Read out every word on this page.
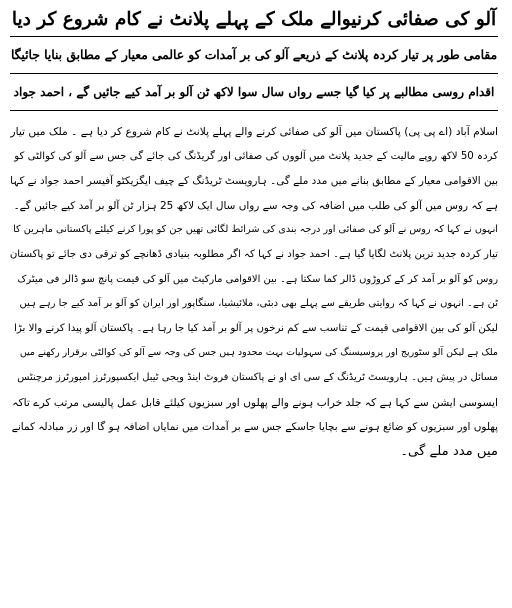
آلو کی صفائی کرنیوالے ملک کے پہلے پلانٹ نے کام شروع کر دیا
مقامی طور پر تیار کردہ پلانٹ کے ذریعے آلو کی بر آمدات کو عالمی معیار کے مطابق بنایا جائیگا
اقدام روسی مطالبے پر کیا گیا جسے رواں سال سوا لاکھ ٹن آلو بر آمد کیے جائیں گے ، احمد جواد
اسلام آباد (اے پی پی) پاکستان میں آلو کی صفائی کرنے والے پہلے پلانٹ نے کام شروع کر دیا ہے ۔ ملک میں تیار
کردہ 50 لاکھ روپے مالیت کے جدید پلانٹ میں آلووں کی صفائی اور گریڈنگ کی جائے گی جس سے آلو کی کوالٹی کو
بین الاقوامی معیار کے مطابق بنانے میں مدد ملے گی۔ ہارویسٹ ٹریڈنگ کے چیف ایگزیکٹو آفیسر احمد جواد نے کہا
ہے کہ روس میں آلو کی طلب میں اضافہ کی وجہ سے رواں سال ایک لاکھ 25 ہزار ٹن آلو بر آمد کیے جائیں گے۔
انہوں نے کہا کہ روس نے آلو کی صفائی اور درجہ بندی کی شرائط لگائی تھیں جن کو پورا کرنے کیلئے پاکستانی ماہرین کا
تیار کردہ جدید ترین پلانٹ لگایا گیا ہے۔ احمد جواد نے کہا کہ اگر مطلوبہ بنیادی ڈھانچے کو ترقی دی جائے تو پاکستان
روس کو آلو بر آمد کر کے کروڑوں ڈالر کما سکتا ہے۔ بین الاقوامی مارکیٹ میں آلو کی قیمت پانچ سو ڈالر فی میٹرک
ٹن ہے۔ انہوں نے کہا کہ روایتی طریقے سے پہلے بھی دبئی، ملائیشیا، سنگاپور اور ایران کو آلو بر آمد کیے جا رہے ہیں
لیکن آلو کی بین الاقوامی قیمت کے تناسب سے کم نرخوں پر آلو بر آمد کیا جا رہا ہے۔ پاکستان آلو پیدا کرنے والا بڑا
ملک ہے لیکن آلو سٹوریج اور پروسیسنگ کی سہولیات بہت محدود ہیں جس کی وجہ سے آلو کی کوالٹی برقرار رکھنے میں
مسائل در پیش ہیں۔ ہارویسٹ ٹریڈنگ کے سی ای او نے پاکستان فروٹ اینڈ ویجی ٹیبل ایکسپورٹرز امپورٹرز مرچنٹس
ایسوسی ایشن سے کہا ہے کہ جلد خراب ہونے والے پھلوں اور سبزیوں کیلئے قابل عمل پالیسی مرتب کرے تاکہ
پھلوں اور سبزیوں کو ضائع ہونے سے بچایا جاسکے جس سے بر آمدات میں نمایاں اضافہ ہو گا اور زر مبادلہ کمانے
میں مدد ملے گی۔
